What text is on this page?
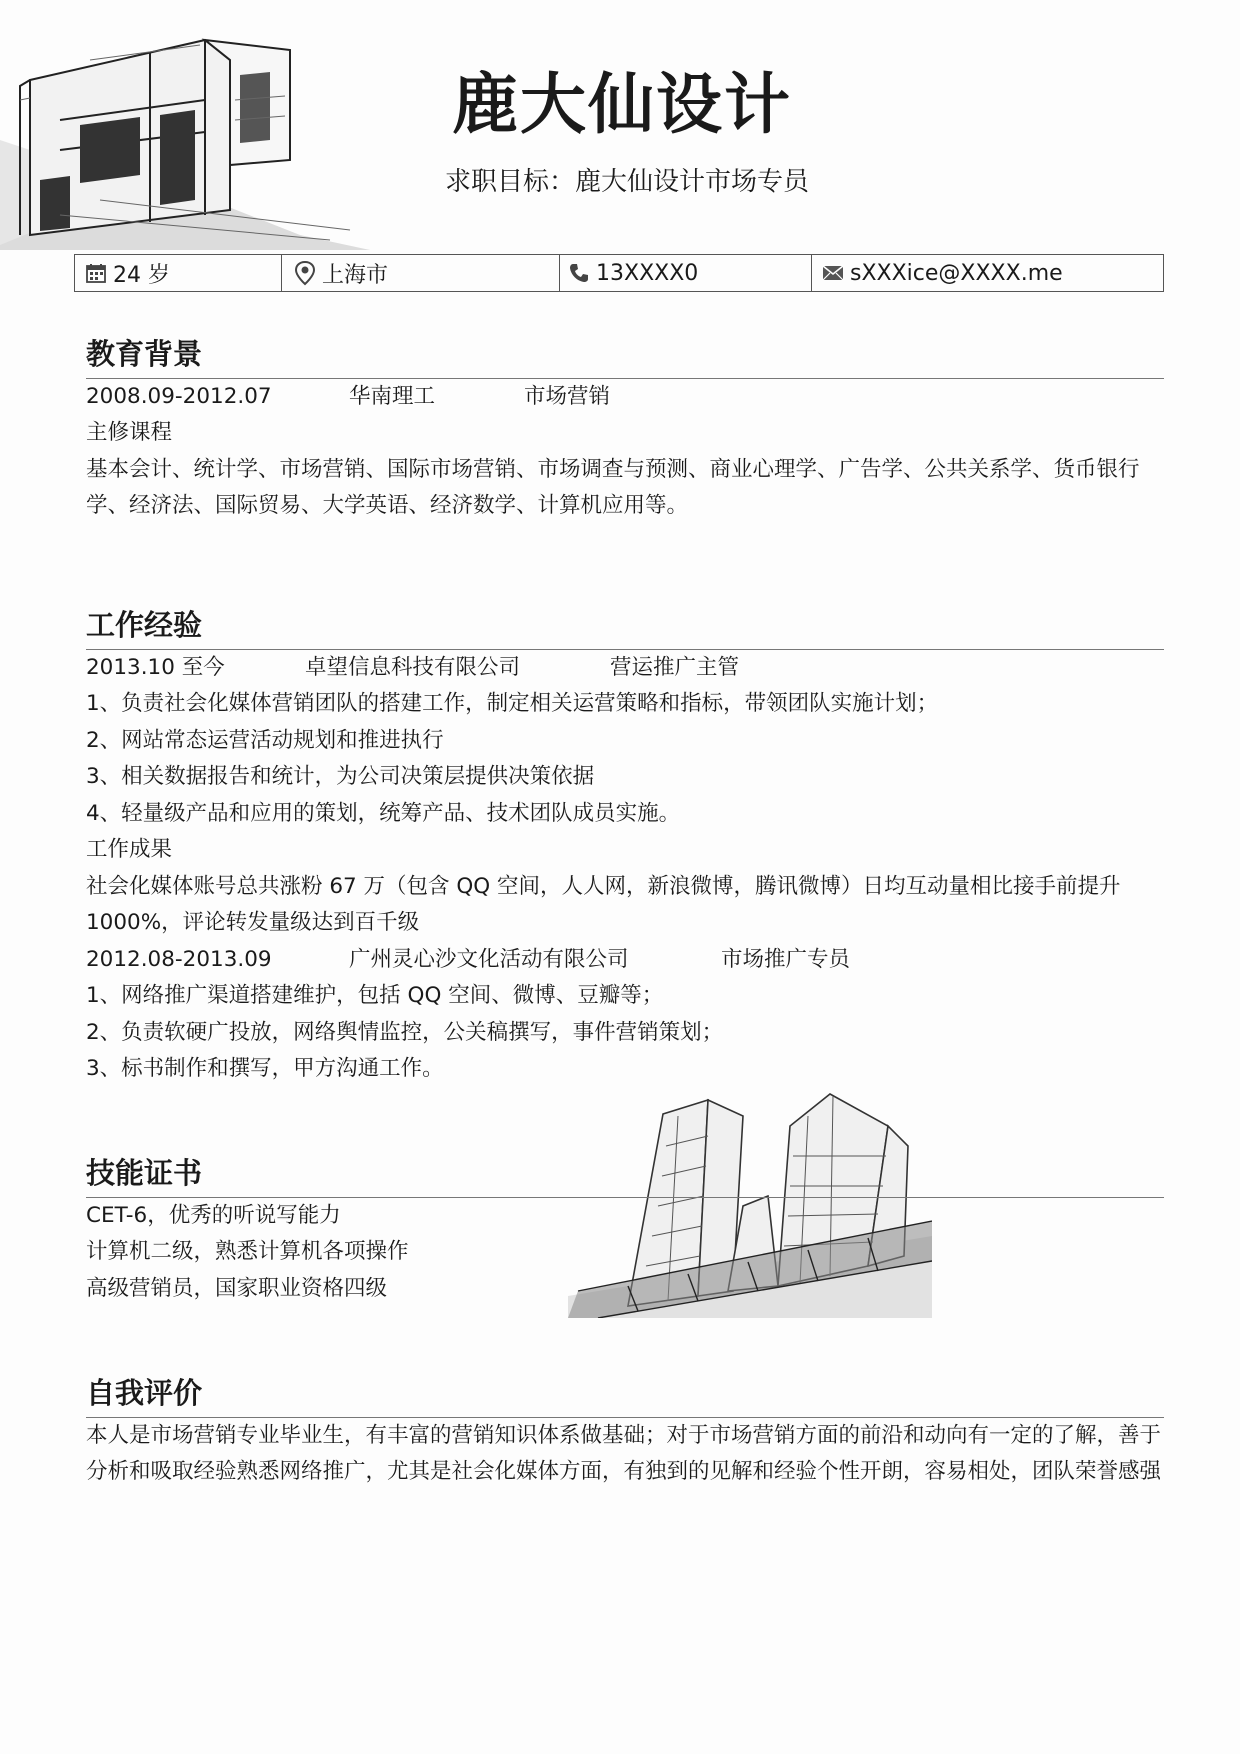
鹿大仙设计
求职目标：鹿大仙设计市场专员
24 岁	上海市	13XXXX0	sXXXice@XXXX.me
教育背景
2008.09-2012.07	华南理工	市场营销
主修课程
基本会计、统计学、市场营销、国际市场营销、市场调查与预测、商业心理学、广告学、公共关系学、货币银行学、经济法、国际贸易、大学英语、经济数学、计算机应用等。
工作经验
2013.10 至今	卓望信息科技有限公司	营运推广主管
1、负责社会化媒体营销团队的搭建工作，制定相关运营策略和指标，带领团队实施计划；
2、网站常态运营活动规划和推进执行
3、相关数据报告和统计，为公司决策层提供决策依据
4、轻量级产品和应用的策划，统筹产品、技术团队成员实施。
工作成果
社会化媒体账号总共涨粉 67 万（包含 QQ 空间，人人网，新浪微博，腾讯微博）日均互动量相比接手前提升 1000%，评论转发量级达到百千级
2012.08-2013.09	广州灵心沙文化活动有限公司	市场推广专员
1、网络推广渠道搭建维护，包括 QQ 空间、微博、豆瓣等；
2、负责软硬广投放，网络舆情监控，公关稿撰写，事件营销策划；
3、标书制作和撰写，甲方沟通工作。
技能证书
CET-6，优秀的听说写能力
计算机二级，熟悉计算机各项操作
高级营销员，国家职业资格四级
自我评价
本人是市场营销专业毕业生，有丰富的营销知识体系做基础；对于市场营销方面的前沿和动向有一定的了解，善于分析和吸取经验熟悉网络推广，尤其是社会化媒体方面，有独到的见解和经验个性开朗，容易相处，团队荣誉感强
